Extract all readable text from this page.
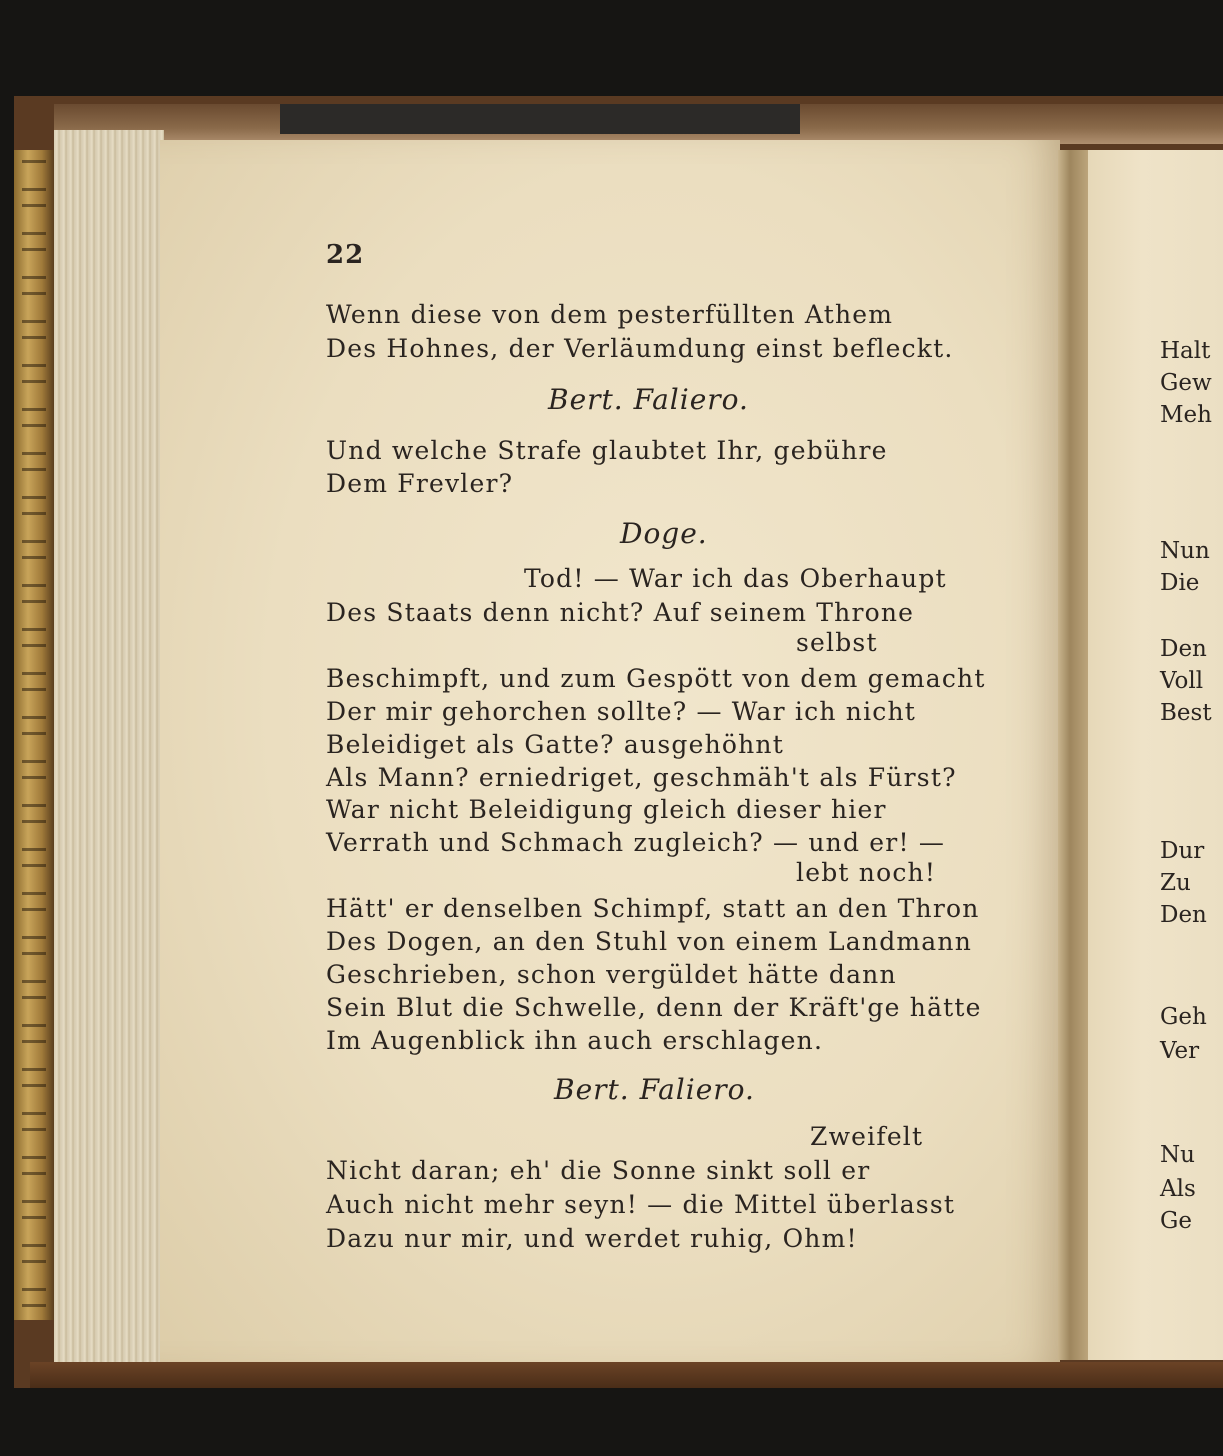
22
Wenn diese von dem pesterfüllten Athem
Des Hohnes, der Verläumdung einst befleckt.
Bert. Faliero.
Und welche Strafe glaubtet Ihr, gebühre
Dem Frevler?
Doge.
Tod! — War ich das Oberhaupt
Des Staats denn nicht? Auf seinem Throne
selbst
Beschimpft, und zum Gespött von dem gemacht
Der mir gehorchen sollte? — War ich nicht
Beleidiget als Gatte? ausgehöhnt
Als Mann? erniedriget, geschmäh't als Fürst?
War nicht Beleidigung gleich dieser hier
Verrath und Schmach zugleich? — und er! —
lebt noch!
Hätt' er denselben Schimpf, statt an den Thron
Des Dogen, an den Stuhl von einem Landmann
Geschrieben, schon vergüldet hätte dann
Sein Blut die Schwelle, denn der Kräft'ge hätte
Im Augenblick ihn auch erschlagen.
Bert. Faliero.
Zweifelt
Nicht daran; eh' die Sonne sinkt soll er
Auch nicht mehr seyn! — die Mittel überlasst
Dazu nur mir, und werdet ruhig, Ohm!
Halt
Gew
Meh
Nun
Die
Den
Voll
Best
Dur
Zu
Den
Geh
Ver
Nu
Als
Ge
